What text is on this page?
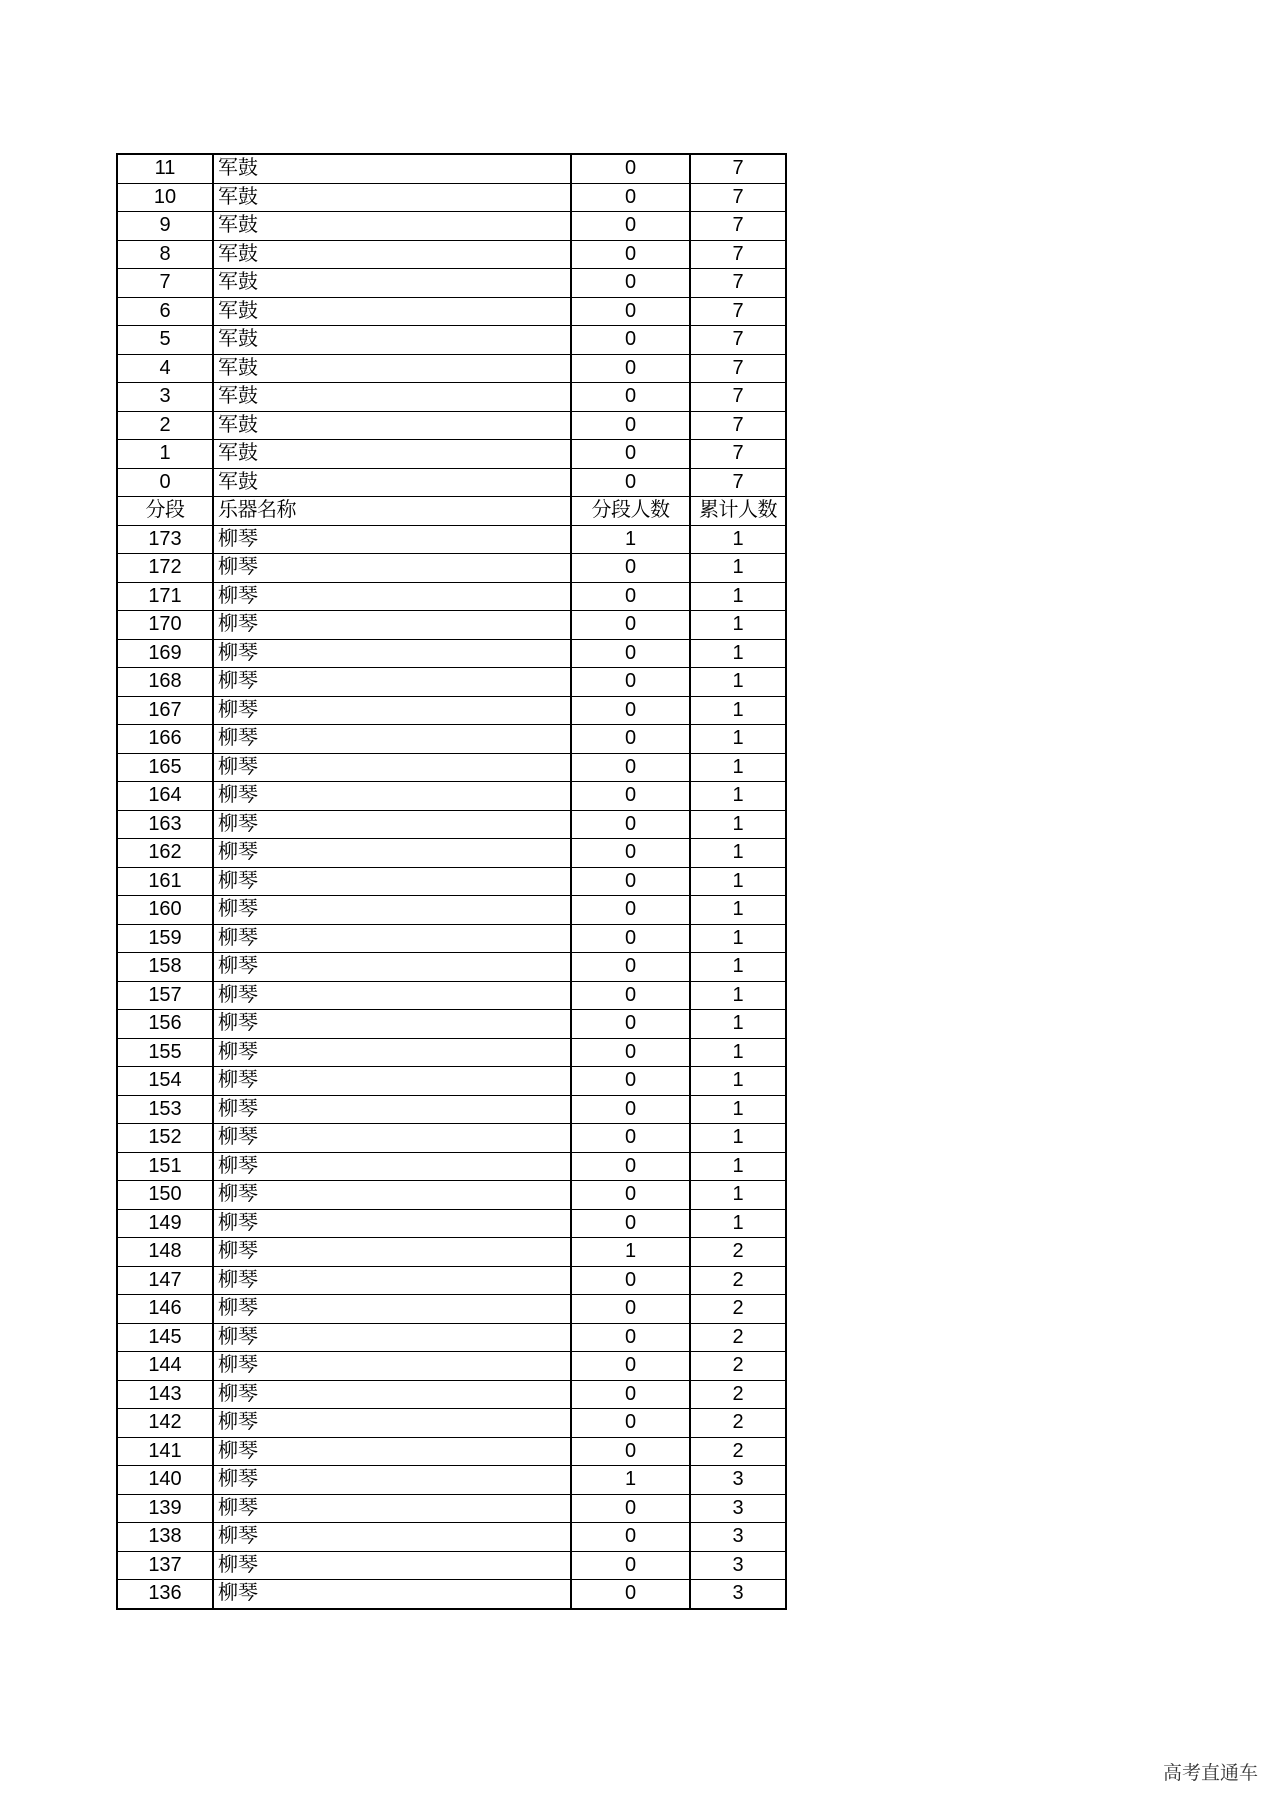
11	军鼓	0	7
10	军鼓	0	7
9	军鼓	0	7
8	军鼓	0	7
7	军鼓	0	7
6	军鼓	0	7
5	军鼓	0	7
4	军鼓	0	7
3	军鼓	0	7
2	军鼓	0	7
1	军鼓	0	7
0	军鼓	0	7
分段	乐器名称	分段人数	累计人数
173	柳琴	1	1
172	柳琴	0	1
171	柳琴	0	1
170	柳琴	0	1
169	柳琴	0	1
168	柳琴	0	1
167	柳琴	0	1
166	柳琴	0	1
165	柳琴	0	1
164	柳琴	0	1
163	柳琴	0	1
162	柳琴	0	1
161	柳琴	0	1
160	柳琴	0	1
159	柳琴	0	1
158	柳琴	0	1
157	柳琴	0	1
156	柳琴	0	1
155	柳琴	0	1
154	柳琴	0	1
153	柳琴	0	1
152	柳琴	0	1
151	柳琴	0	1
150	柳琴	0	1
149	柳琴	0	1
148	柳琴	1	2
147	柳琴	0	2
146	柳琴	0	2
145	柳琴	0	2
144	柳琴	0	2
143	柳琴	0	2
142	柳琴	0	2
141	柳琴	0	2
140	柳琴	1	3
139	柳琴	0	3
138	柳琴	0	3
137	柳琴	0	3
136	柳琴	0	3
高考直通车
